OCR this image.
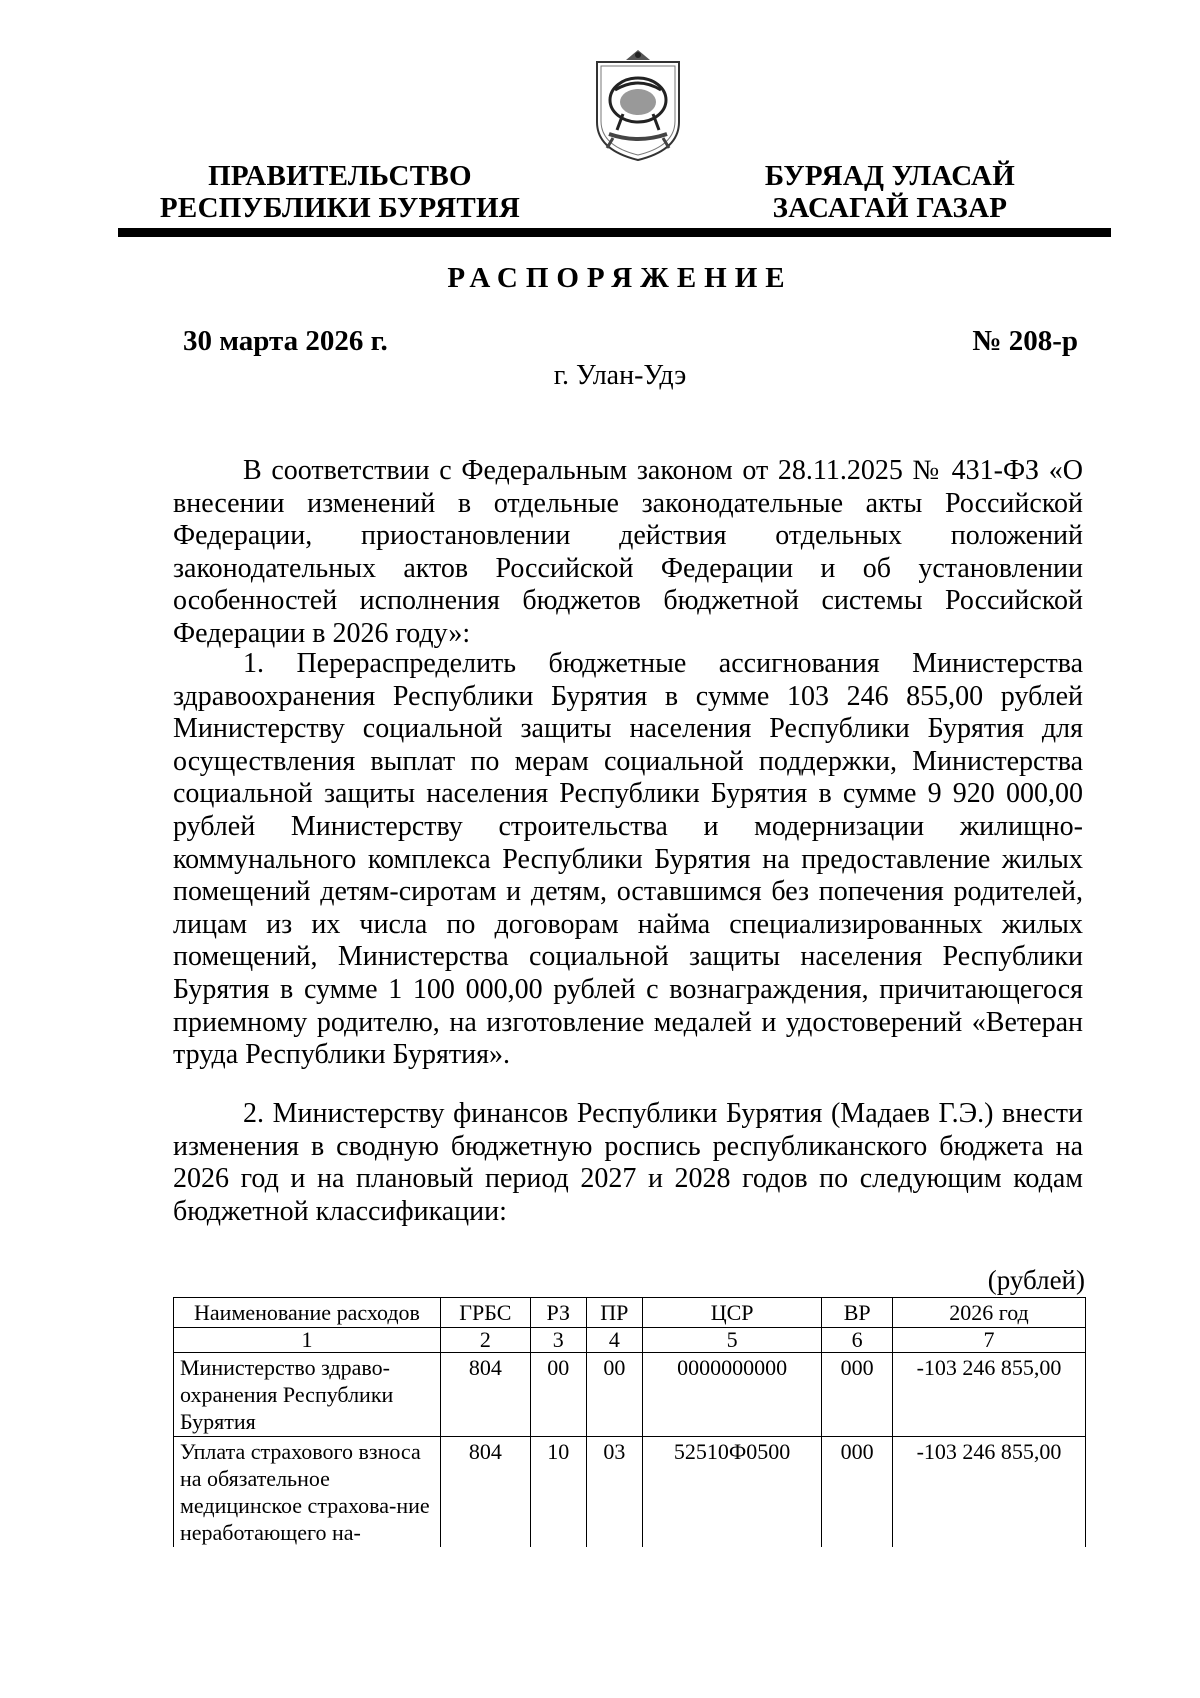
ПРАВИТЕЛЬСТВО
РЕСПУБЛИКИ БУРЯТИЯ
БУРЯАД УЛАСАЙ
ЗАСАГАЙ ГАЗАР
РАСПОРЯЖЕНИЕ
30 марта 2026 г.	№ 208-р
г. Улан-Удэ

В соответствии с Федеральным законом от 28.11.2025 № 431-ФЗ «О внесении изменений в отдельные законодательные акты Российской Федерации, приостановлении действия отдельных положений законодательных актов Российской Федерации и об установлении особенностей исполнения бюджетов бюджетной системы Российской Федерации в 2026 году»:

1. Перераспределить бюджетные ассигнования Министерства здравоохранения Республики Бурятия в сумме 103 246 855,00 рублей Министерству социальной защиты населения Республики Бурятия для осуществления выплат по мерам социальной поддержки, Министерства социальной защиты населения Республики Бурятия в сумме 9 920 000,00 рублей Министерству строительства и модернизации жилищно-коммунального комплекса Республики Бурятия на предоставление жилых помещений детям-сиротам и детям, оставшимся без попечения родителей, лицам из их числа по договорам найма специализированных жилых помещений, Министерства социальной защиты населения Республики Бурятия в сумме 1 100 000,00 рублей с вознаграждения, причитающегося приемному родителю, на изготовление медалей и удостоверений «Ветеран труда Республики Бурятия».

2. Министерству финансов Республики Бурятия (Мадаев Г.Э.) внести изменения в сводную бюджетную роспись республиканского бюджета на 2026 год и на плановый период 2027 и 2028 годов по следующим кодам бюджетной классификации:

(рублей)
Наименование расходов	ГРБС	РЗ	ПР	ЦСР	ВР	2026 год
1	2	3	4	5	6	7
Министерство здраво-охранения Республики Бурятия	804	00	00	0000000000	000	-103 246 855,00
Уплата страхового взноса на обязательное медицинское страхова-ние неработающего на-	804	10	03	52510Ф0500	000	-103 246 855,00
